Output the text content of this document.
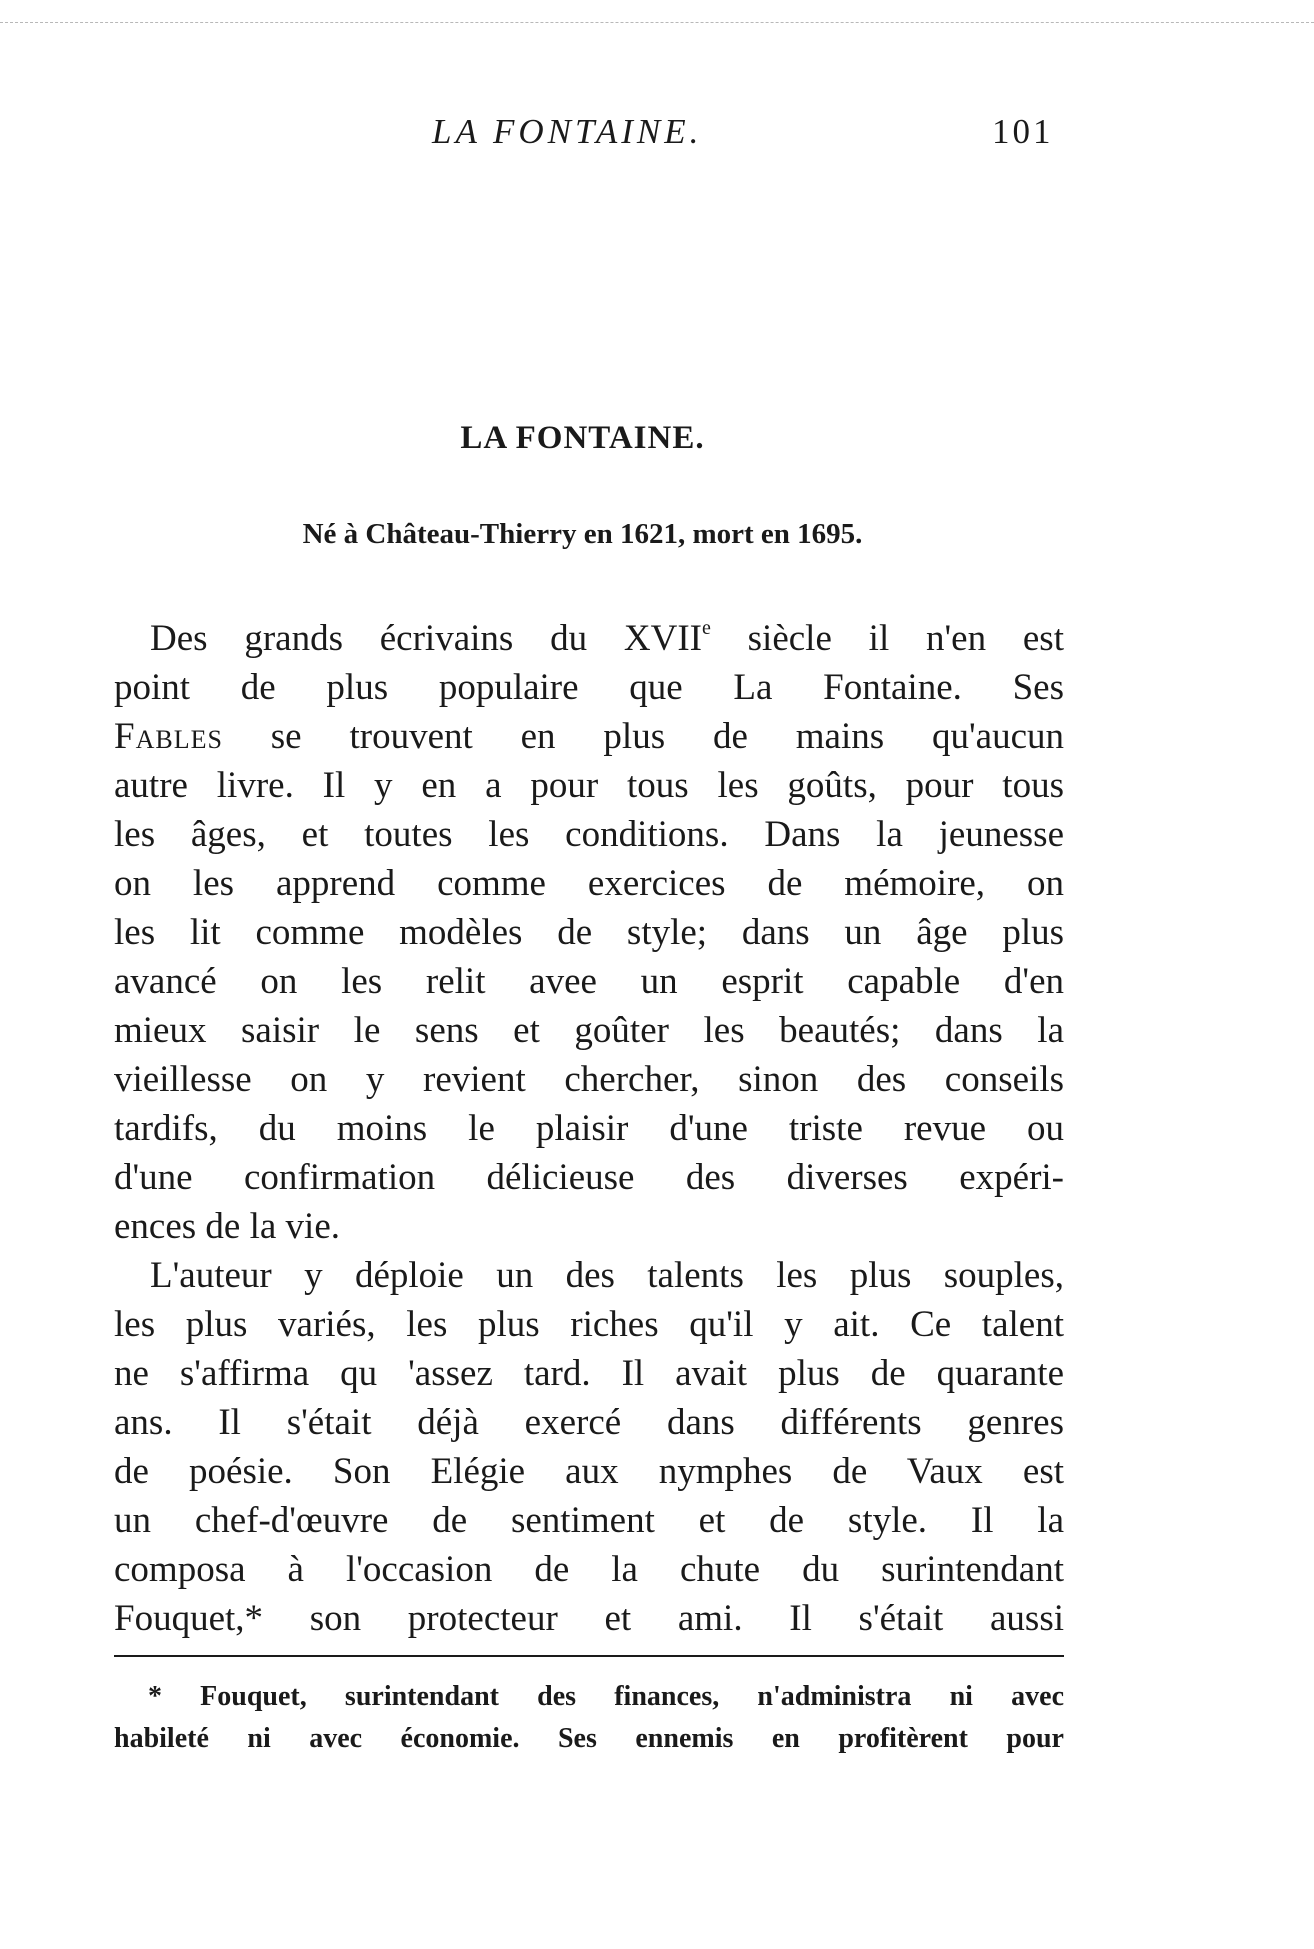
LA FONTAINE.	101
LA FONTAINE.
Né à Château-Thierry en 1621, mort en 1695.
Des grands écrivains du XVIIe siècle il n'en est
point de plus populaire que La Fontaine. Ses
Fables se trouvent en plus de mains qu'aucun
autre livre. Il y en a pour tous les goûts, pour tous
les âges, et toutes les conditions. Dans la jeunesse
on les apprend comme exercices de mémoire, on
les lit comme modèles de style; dans un âge plus
avancé on les relit avee un esprit capable d'en
mieux saisir le sens et goûter les beautés; dans la
vieillesse on y revient chercher, sinon des conseils
tardifs, du moins le plaisir d'une triste revue ou
d'une confirmation délicieuse des diverses expéri-
ences de la vie.
L'auteur y déploie un des talents les plus souples,
les plus variés, les plus riches qu'il y ait. Ce talent
ne s'affirma qu 'assez tard. Il avait plus de quarante
ans. Il s'était déjà exercé dans différents genres
de poésie. Son Elégie aux nymphes de Vaux est
un chef-d'œuvre de sentiment et de style. Il la
composa à l'occasion de la chute du surintendant
Fouquet,* son protecteur et ami. Il s'était aussi
* Fouquet, surintendant des finances, n'administra ni avec
habileté ni avec économie. Ses ennemis en profitèrent pour
